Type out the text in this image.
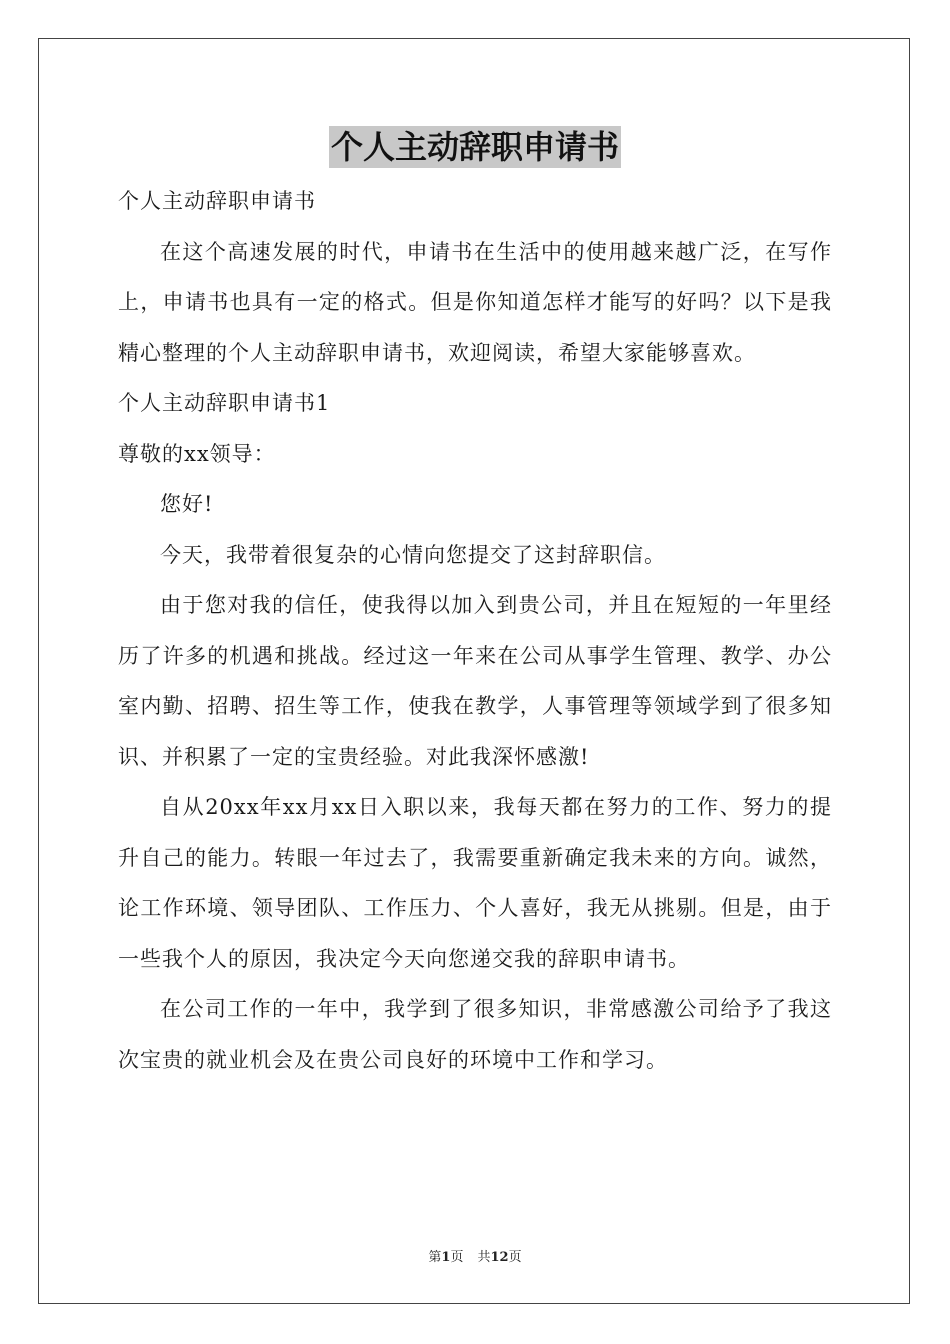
个人主动辞职申请书

个人主动辞职申请书

在这个高速发展的时代，申请书在生活中的使用越来越广泛，在写作上，申请书也具有一定的格式。但是你知道怎样才能写的好吗？以下是我精心整理的个人主动辞职申请书，欢迎阅读，希望大家能够喜欢。

个人主动辞职申请书1

尊敬的xx领导：

您好!

今天，我带着很复杂的心情向您提交了这封辞职信。

由于您对我的信任，使我得以加入到贵公司，并且在短短的一年里经历了许多的机遇和挑战。经过这一年来在公司从事学生管理、教学、办公室内勤、招聘、招生等工作，使我在教学，人事管理等领域学到了很多知识、并积累了一定的宝贵经验。对此我深怀感激!

自从20xx年xx月xx日入职以来，我每天都在努力的工作、努力的提升自己的能力。转眼一年过去了，我需要重新确定我未来的方向。诚然，论工作环境、领导团队、工作压力、个人喜好，我无从挑剔。但是，由于一些我个人的原因，我决定今天向您递交我的辞职申请书。

在公司工作的一年中，我学到了很多知识，非常感激公司给予了我这次宝贵的就业机会及在贵公司良好的环境中工作和学习。

第1页 共12页
